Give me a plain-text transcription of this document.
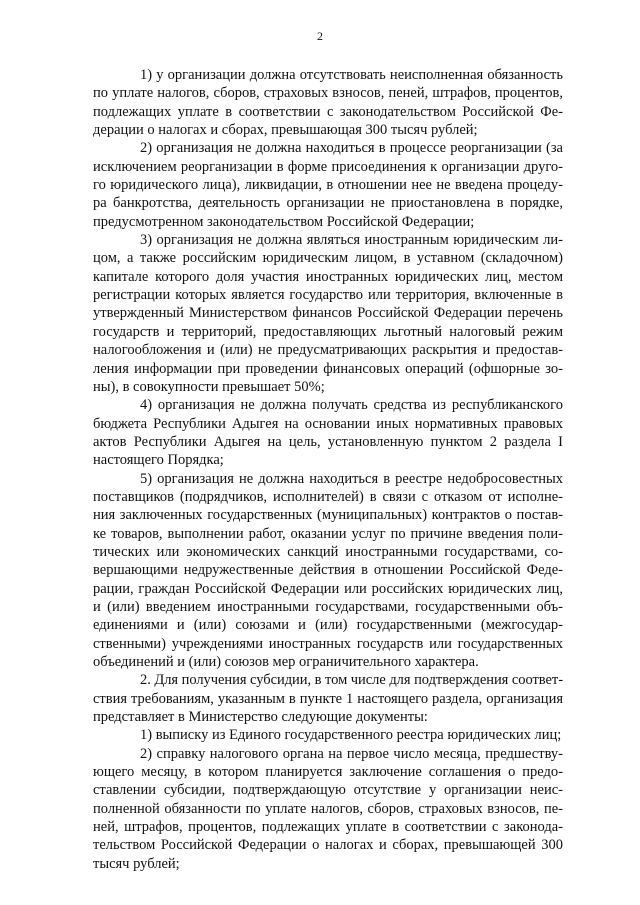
2
1) у организации должна отсутствовать неисполненная обязанность
по уплате налогов, сборов, страховых взносов, пеней, штрафов, процентов,
подлежащих уплате в соответствии с законодательством Российской Фе-
дерации о налогах и сборах, превышающая 300 тысяч рублей;
2) организация не должна находиться в процессе реорганизации (за
исключением реорганизации в форме присоединения к организации друго-
го юридического лица), ликвидации, в отношении нее не введена процеду-
ра банкротства, деятельность организации не приостановлена в порядке,
предусмотренном законодательством Российской Федерации;
3) организация не должна являться иностранным юридическим ли-
цом, а также российским юридическим лицом, в уставном (складочном)
капитале которого доля участия иностранных юридических лиц, местом
регистрации которых является государство или территория, включенные в
утвержденный Министерством финансов Российской Федерации перечень
государств и территорий, предоставляющих льготный налоговый режим
налогообложения и (или) не предусматривающих раскрытия и предостав-
ления информации при проведении финансовых операций (офшорные зо-
ны), в совокупности превышает 50%;
4) организация не должна получать средства из республиканского
бюджета Республики Адыгея на основании иных нормативных правовых
актов Республики Адыгея на цель, установленную пунктом 2 раздела I
настоящего Порядка;
5) организация не должна находиться в реестре недобросовестных
поставщиков (подрядчиков, исполнителей) в связи с отказом от исполне-
ния заключенных государственных (муниципальных) контрактов о постав-
ке товаров, выполнении работ, оказании услуг по причине введения поли-
тических или экономических санкций иностранными государствами, со-
вершающими недружественные действия в отношении Российской Феде-
рации, граждан Российской Федерации или российских юридических лиц,
и (или) введением иностранными государствами, государственными объ-
единениями и (или) союзами и (или) государственными (межгосудар-
ственными) учреждениями иностранных государств или государственных
объединений и (или) союзов мер ограничительного характера.
2. Для получения субсидии, в том числе для подтверждения соответ-
ствия требованиям, указанным в пункте 1 настоящего раздела, организация
представляет в Министерство следующие документы:
1) выписку из Единого государственного реестра юридических лиц;
2) справку налогового органа на первое число месяца, предшеству-
ющего месяцу, в котором планируется заключение соглашения о предо-
ставлении субсидии, подтверждающую отсутствие у организации неис-
полненной обязанности по уплате налогов, сборов, страховых взносов, пе-
ней, штрафов, процентов, подлежащих уплате в соответствии с законода-
тельством Российской Федерации о налогах и сборах, превышающей 300
тысяч рублей;
